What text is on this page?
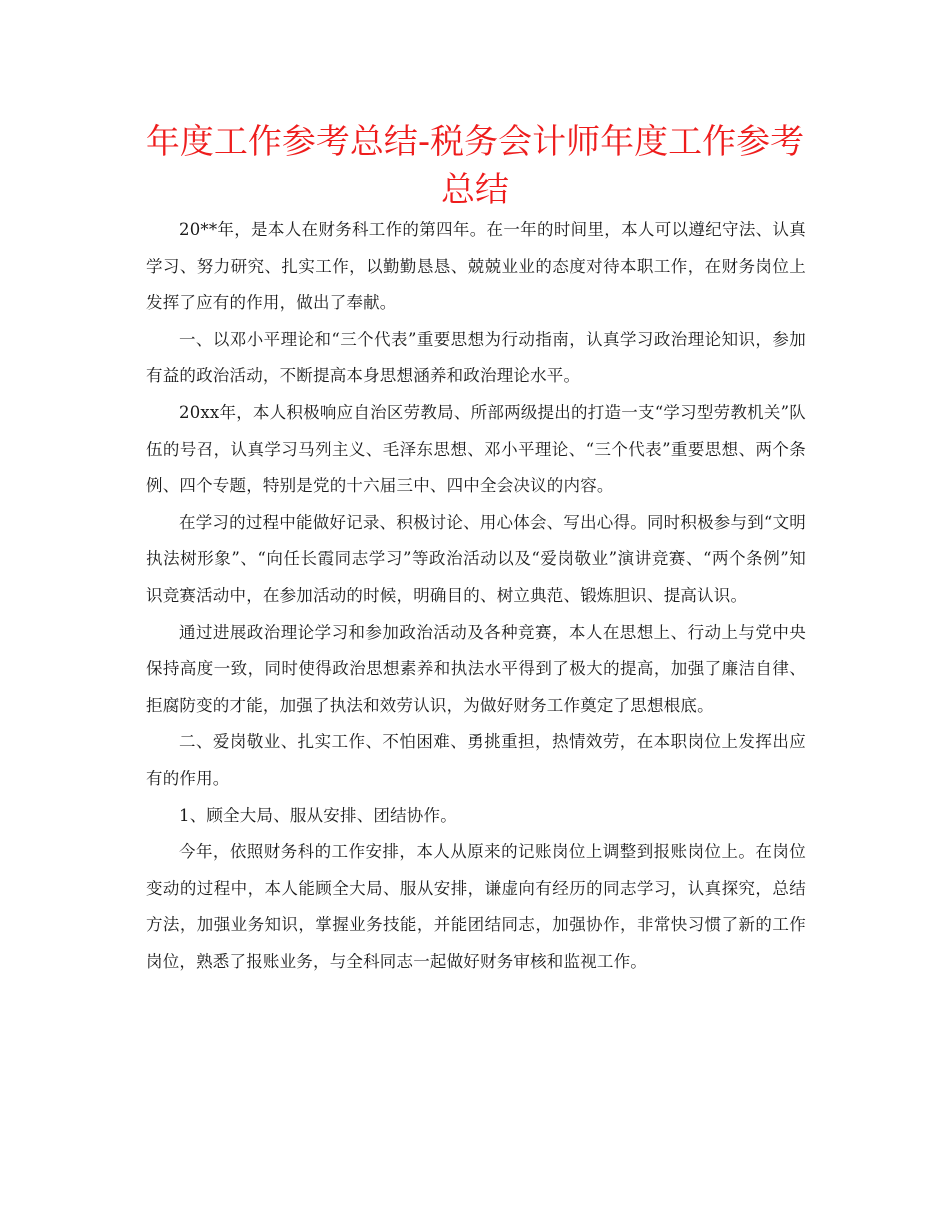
年度工作参考总结-税务会计师年度工作参考总结

20**年，是本人在财务科工作的第四年。在一年的时间里，本人可以遵纪守法、认真学习、努力研究、扎实工作，以勤勤恳恳、兢兢业业的态度对待本职工作，在财务岗位上发挥了应有的作用，做出了奉献。

一、以邓小平理论和“三个代表”重要思想为行动指南，认真学习政治理论知识，参加有益的政治活动，不断提高本身思想涵养和政治理论水平。

20xx年，本人积极响应自治区劳教局、所部两级提出的打造一支“学习型劳教机关”队伍的号召，认真学习马列主义、毛泽东思想、邓小平理论、“三个代表”重要思想、两个条例、四个专题，特别是党的十六届三中、四中全会决议的内容。

在学习的过程中能做好记录、积极讨论、用心体会、写出心得。同时积极参与到“文明执法树形象”、“向任长霞同志学习”等政治活动以及“爱岗敬业”演讲竞赛、“两个条例”知识竞赛活动中，在参加活动的时候，明确目的、树立典范、锻炼胆识、提高认识。

通过进展政治理论学习和参加政治活动及各种竞赛，本人在思想上、行动上与党中央保持高度一致，同时使得政治思想素养和执法水平得到了极大的提高，加强了廉洁自律、拒腐防变的才能，加强了执法和效劳认识，为做好财务工作奠定了思想根底。

二、爱岗敬业、扎实工作、不怕困难、勇挑重担，热情效劳，在本职岗位上发挥出应有的作用。

1、顾全大局、服从安排、团结协作。

今年，依照财务科的工作安排，本人从原来的记账岗位上调整到报账岗位上。在岗位变动的过程中，本人能顾全大局、服从安排，谦虚向有经历的同志学习，认真探究，总结方法，加强业务知识，掌握业务技能，并能团结同志，加强协作，非常快习惯了新的工作岗位，熟悉了报账业务，与全科同志一起做好财务审核和监视工作。
